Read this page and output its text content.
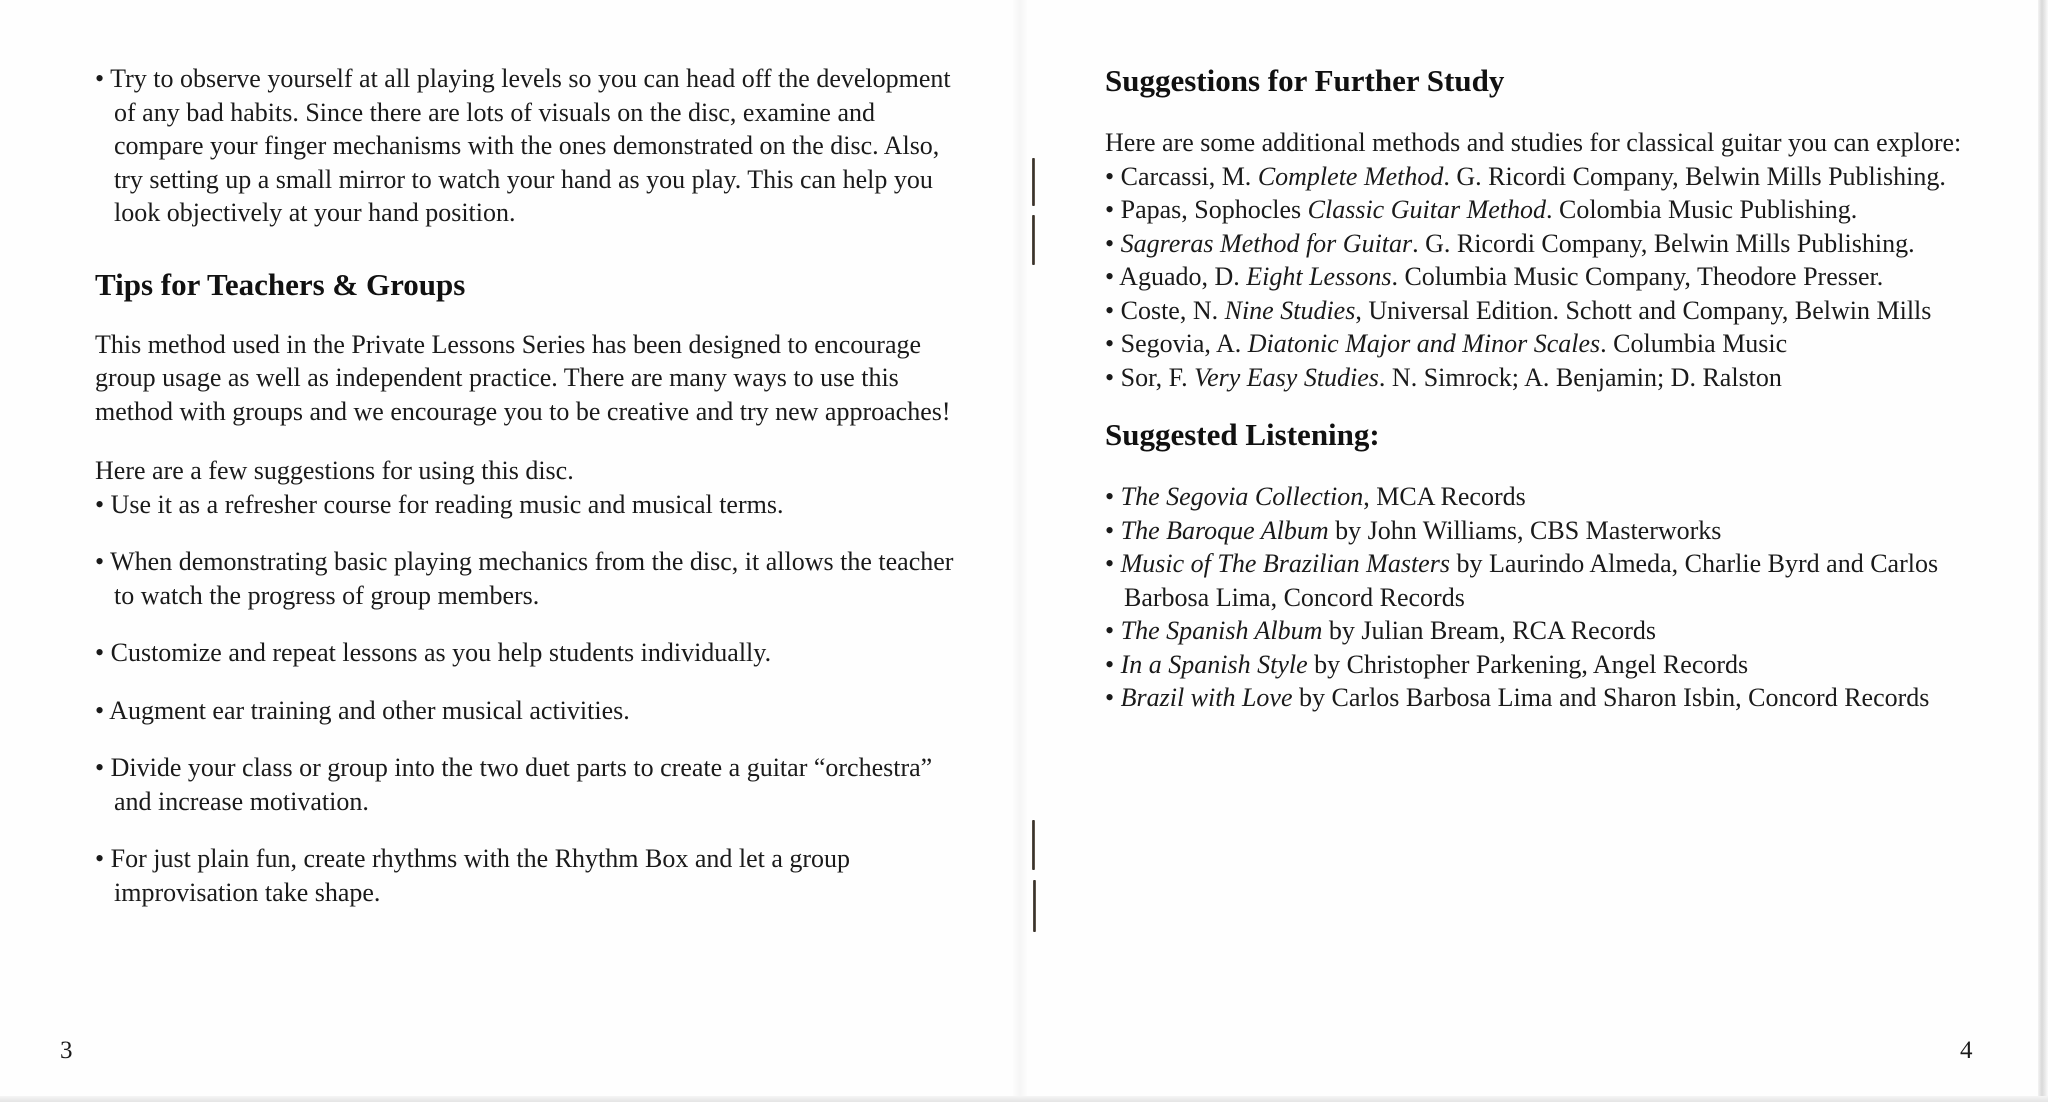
• Try to observe yourself at all playing levels so you can head off the development of any bad habits. Since there are lots of visuals on the disc, examine and compare your finger mechanisms with the ones demonstrated on the disc. Also, try setting up a small mirror to watch your hand as you play. This can help you look objectively at your hand position.

Tips for Teachers & Groups

This method used in the Private Lessons Series has been designed to encourage group usage as well as independent practice. There are many ways to use this method with groups and we encourage you to be creative and try new approaches!

Here are a few suggestions for using this disc.

• Use it as a refresher course for reading music and musical terms.

• When demonstrating basic playing mechanics from the disc, it allows the teacher to watch the progress of group members.

• Customize and repeat lessons as you help students individually.

• Augment ear training and other musical activities.

• Divide your class or group into the two duet parts to create a guitar “orchestra” and increase motivation.

• For just plain fun, create rhythms with the Rhythm Box and let a group improvisation take shape.

3
Suggestions for Further Study

Here are some additional methods and studies for classical guitar you can explore:

• Carcassi, M. Complete Method. G. Ricordi Company, Belwin Mills Publishing.

• Papas, Sophocles Classic Guitar Method. Colombia Music Publishing.

• Sagreras Method for Guitar. G. Ricordi Company, Belwin Mills Publishing.

• Aguado, D. Eight Lessons. Columbia Music Company, Theodore Presser.

• Coste, N. Nine Studies, Universal Edition. Schott and Company, Belwin Mills

• Segovia, A. Diatonic Major and Minor Scales. Columbia Music

• Sor, F. Very Easy Studies. N. Simrock; A. Benjamin; D. Ralston

Suggested Listening:

• The Segovia Collection, MCA Records

• The Baroque Album by John Williams, CBS Masterworks

• Music of The Brazilian Masters by Laurindo Almeda, Charlie Byrd and Carlos Barbosa Lima, Concord Records

• The Spanish Album by Julian Bream, RCA Records

• In a Spanish Style by Christopher Parkening, Angel Records

• Brazil with Love by Carlos Barbosa Lima and Sharon Isbin, Concord Records

4
